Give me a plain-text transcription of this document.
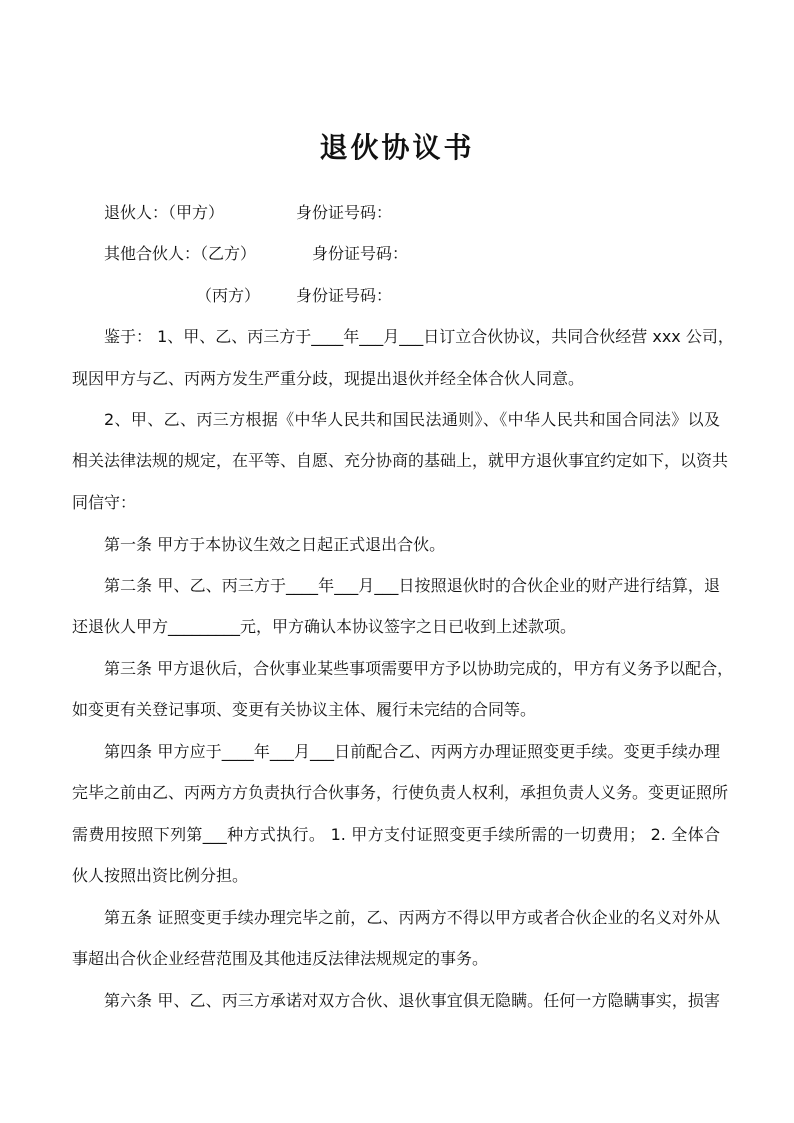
退伙协议书
退伙人：（甲方）	身份证号码：
其他合伙人：（乙方）	身份证号码：
（丙方） 身份证号码：
鉴于： 1、甲、乙、丙三方于____年___月___日订立合伙协议，共同合伙经营 xxx 公司，
现因甲方与乙、丙两方发生严重分歧，现提出退伙并经全体合伙人同意。
2、甲、乙、丙三方根据《中华人民共和国民法通则》、《中华人民共和国合同法》以及
相关法律法规的规定，在平等、自愿、充分协商的基础上，就甲方退伙事宜约定如下，以资共
同信守：
第一条 甲方于本协议生效之日起正式退出合伙。
第二条 甲、乙、丙三方于____年___月___日按照退伙时的合伙企业的财产进行结算，退
还退伙人甲方_________元，甲方确认本协议签字之日已收到上述款项。
第三条 甲方退伙后，合伙事业某些事项需要甲方予以协助完成的，甲方有义务予以配合，
如变更有关登记事项、变更有关协议主体、履行未完结的合同等。
第四条 甲方应于____年___月___日前配合乙、丙两方办理证照变更手续。变更手续办理
完毕之前由乙、丙两方方负责执行合伙事务，行使负责人权利，承担负责人义务。变更证照所
需费用按照下列第___种方式执行。 1. 甲方支付证照变更手续所需的一切费用； 2. 全体合
伙人按照出资比例分担。
第五条 证照变更手续办理完毕之前，乙、丙两方不得以甲方或者合伙企业的名义对外从
事超出合伙企业经营范围及其他违反法律法规规定的事务。
第六条 甲、乙、丙三方承诺对双方合伙、退伙事宜俱无隐瞒。任何一方隐瞒事实，损害
